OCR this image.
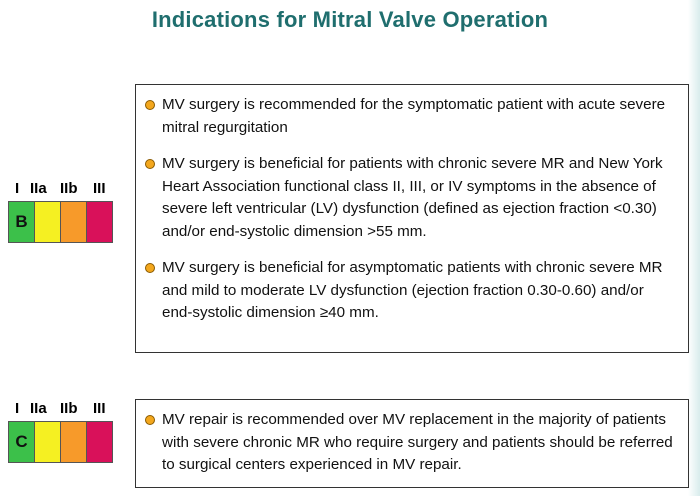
Indications for Mitral Valve Operation
I IIa IIb III
B
MV surgery is recommended for the symptomatic patient with acute severe mitral regurgitation
MV surgery is beneficial for patients with chronic severe MR and New York Heart Association functional class II, III, or IV symptoms in the absence of severe left ventricular (LV) dysfunction (defined as ejection fraction <0.30) and/or end-systolic dimension >55 mm.
MV surgery is beneficial for asymptomatic patients with chronic severe MR and mild to moderate LV dysfunction (ejection fraction 0.30-0.60) and/or end-systolic dimension ≥40 mm.
I IIa IIb III
C
MV repair is recommended over MV replacement in the majority of patients with severe chronic MR who require surgery and patients should be referred to surgical centers experienced in MV repair.
